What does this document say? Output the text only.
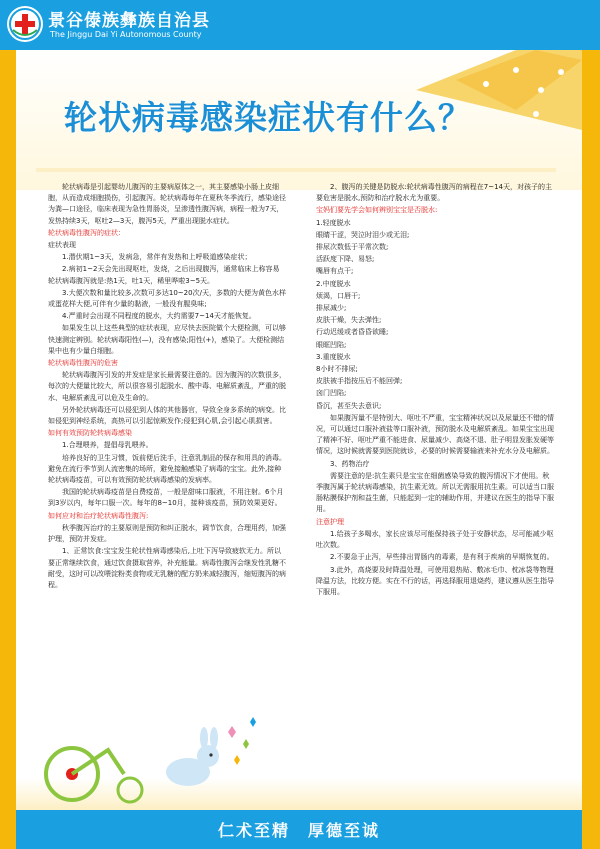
景谷傣族彝族自治县
The Jinggu Dai Yi Autonomous County
轮状病毒感染症状有什么？

轮状病毒是引起婴幼儿腹泻的主要病原体之一，其主要感染小肠上皮细胞，从而造成细胞损伤，引起腹泻。轮状病毒每年在夏秋冬季流行，感染途径为粪—口途径，临床表现为急性胃肠炎，呈渗透性腹泻病，病程一般为7天，发热持续3天，呕吐2—3天，腹泻5天，严重出现脱水症状。

轮状病毒性腹泻的症状：

症状表现

1.潜伏期1~3天，发病急，常伴有发热和上呼吸道感染症状；

2.病初1~2天会先出现呕吐，发烧，之后出现腹泻，通常临床上称容易轮状病毒腹泻就是:热1天，吐1天，稀里哗啦3~5天。

3.大便次数和量比较多,次数可多达10~20次/天，多数的大便为黄色水样或蛋花样大便,可伴有少量的黏液，一般没有腥臭味;

4.严重时会出现不同程度的脱水，大约需要7~14天才能恢复。

如果发生以上这些典型的症状表现，应尽快去医院做个大便检测，可以够快速测定辨别。轮状病毒阳性(—)，没有感染;阳性(+)，感染了。大便检测结果中也有少量白细胞。

轮状病毒性腹泻的危害

轮状病毒腹泻引发的并发症是家长最需要注意的。因为腹泻的次数很多，每次的大便量比较大，所以很容易引起脱水、酸中毒、电解质紊乱，严重的脱水、电解质紊乱可以危及生命的。

另外轮状病毒还可以侵犯到人体的其他器官，导致全身多系统的病变。比如侵犯到神经系统，高热可以引起惊厥发作;侵犯到心肌,会引起心肌损害。

如何有效预防轮转病毒感染

1.合理喂养，提倡母乳喂养。

培养良好的卫生习惯，饭前便后洗手，注意乳制品的保存和用具的消毒。避免在流行季节到人流密集的场所，避免接触感染了病毒的宝宝。此外,接种轮状病毒疫苗，可以有效预防轮状病毒感染的发病率。

我国的轮状病毒疫苗是自费疫苗，一般是甜味口服液，不用注射。6个月到3岁以内，每年口服一次。每年的8~10月，接种该疫苗，预防效果更好。

如何应对和治疗轮状病毒性腹泻:

秋季腹泻治疗的主要原则是预防和纠正脱水，调节饮食，合理用药，加强护理，预防并发症。

1、正常饮食:宝宝发生轮状性病毒感染后,上吐下泻导致疲软无力。所以要正常继续饮食，通过饮食摄取营养，补充能量。病毒性腹泻会继发性乳糖不耐受，这时可以改喂淀粉类食物或无乳糖的配方奶来减轻腹泻，缩短腹泻的病程。

2、腹泻的关键是防脱水:轮状病毒性腹泻的病程在7~14天，对孩子的主要危害是脱水,预防和治疗脱水尤为重要。

宝妈们要先学会如何辨别宝宝是否脱水:

1.轻度脱水

眼睛干涩，哭泣时泪少或无泪;

排尿次数低于平常次数;

活跃度下降、易怒;

嘴唇有点干;

2.中度脱水

烦渴，口唇干;

排尿减少;

皮肤干燥，失去弹性;

行动迟缓或者昏昏欲睡;

眼眶凹陷;

3.重度脱水

8小时不排尿;

皮肤被手指按压后不能回弹;

囟门凹陷;

昏沉，甚至失去意识;

如果腹泻量不是特别大、呕吐不严重，宝宝精神状况以及尿量还不错的情况，可以通过口服补液盐等口服补液，预防脱水及电解质紊乱。如果宝宝出现了精神不好、呕吐严重不能进食、尿量减少、高烧不退、肚子明显发胀发硬等情况，这时候就需要到医院就诊，必要的时候需要输液来补充水分及电解质。

3、药物治疗

需要注意的是:抗生素只是宝宝在细菌感染导致的腹泻情况下才使用。秋季腹泻属于轮状病毒感染，抗生素无效。所以无需服用抗生素。可以适当口服肠粘膜保护剂和益生菌，只能起到一定的辅助作用，并建议在医生的指导下服用。

注意护理

1.给孩子多喝水，家长应该尽可能保持孩子处于安静状态，尽可能减少呕吐次数。

2.不要急于止泻，早些排出胃肠内的毒素，是有利于疾病的早期恢复的。

3.此外，高烧要及时降温处理，可使用退热贴、敷冰毛巾、枕冰袋等物理降温方法，比较方便。实在不行的话，再选择服用退烧药，建议遵从医生指导下服用。

仁术至精　厚德至诚
